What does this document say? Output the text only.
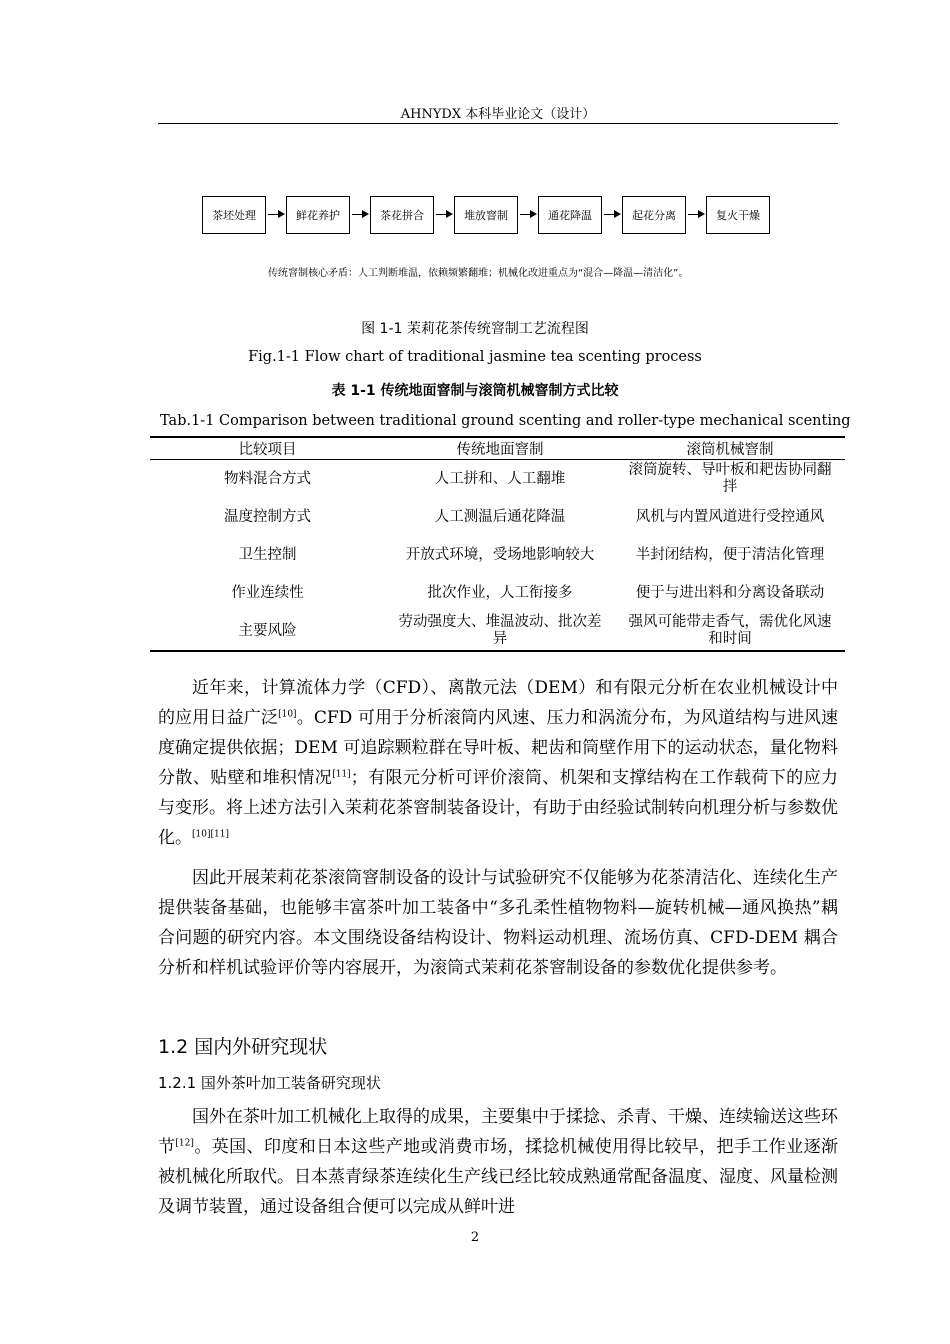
AHNYDX 本科毕业论文（设计）
茶坯处理	鲜花养护	茶花拼合	堆放窨制	通花降温	起花分离	复火干燥
传统窨制核心矛盾：人工判断堆温，依赖频繁翻堆；机械化改进重点为“混合—降温—清洁化”。
图 1-1 茉莉花茶传统窨制工艺流程图
Fig.1-1 Flow chart of traditional jasmine tea scenting process
表 1-1 传统地面窨制与滚筒机械窨制方式比较
Tab.1-1 Comparison between traditional ground scenting and roller-type mechanical scenting
比较项目	传统地面窨制	滚筒机械窨制

物料混合方式	人工拼和、人工翻堆	滚筒旋转、导叶板和耙齿协同翻拌

温度控制方式	人工测温后通花降温	风机与内置风道进行受控通风

卫生控制	开放式环境，受场地影响较大	半封闭结构，便于清洁化管理

作业连续性	批次作业，人工衔接多	便于与进出料和分离设备联动

主要风险	劳动强度大、堆温波动、批次差异	强风可能带走香气，需优化风速和时间

近年来，计算流体力学（CFD）、离散元法（DEM）和有限元分析在农业机械设计中的应用日益广泛[10]。CFD 可用于分析滚筒内风速、压力和涡流分布，为风道结构与进风速度确定提供依据；DEM 可追踪颗粒群在导叶板、耙齿和筒壁作用下的运动状态，量化物料分散、贴壁和堆积情况[11]；有限元分析可评价滚筒、机架和支撑结构在工作载荷下的应力与变形。将上述方法引入茉莉花茶窨制装备设计，有助于由经验试制转向机理分析与参数优化。[10][11]

因此开展茉莉花茶滚筒窨制设备的设计与试验研究不仅能够为花茶清洁化、连续化生产提供装备基础，也能够丰富茶叶加工装备中“多孔柔性植物物料—旋转机械—通风换热”耦合问题的研究内容。本文围绕设备结构设计、物料运动机理、流场仿真、CFD-DEM 耦合分析和样机试验评价等内容展开，为滚筒式茉莉花茶窨制设备的参数优化提供参考。

1.2 国内外研究现状
1.2.1 国外茶叶加工装备研究现状

国外在茶叶加工机械化上取得的成果，主要集中于揉捻、杀青、干燥、连续输送这些环节[12]。英国、印度和日本这些产地或消费市场，揉捻机械使用得比较早，把手工作业逐渐被机械化所取代。日本蒸青绿茶连续化生产线已经比较成熟通常配备温度、湿度、风量检测及调节装置，通过设备组合便可以完成从鲜叶进

2
